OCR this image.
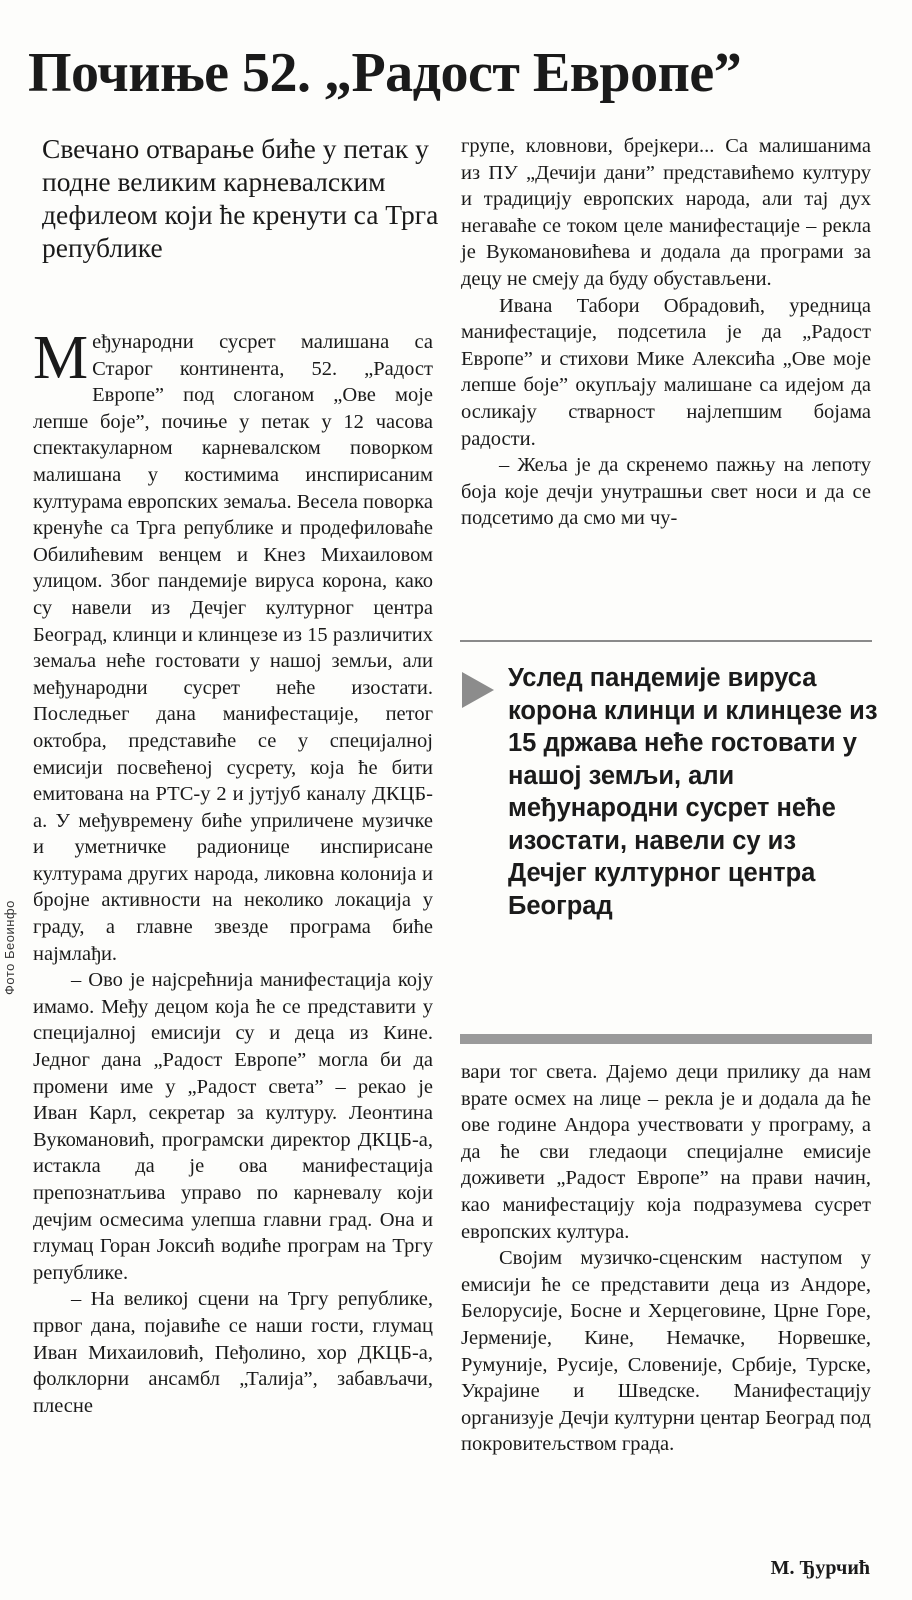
Почиње 52. „Радост Европе”
Свечано отварање биће у петак у подне великим карневалским дефилеом који ће кренути са Трга републике
Фото Беоинфо

Међународни сусрет малишана са Старог континента, 52. „Радост Европе” под слоганом „Ове моје лепше боје”, почиње у петак у 12 часова спектакуларном карневалском поворком малишана у костимима инспирисаним културама европских земаља. Весела поворка кренуће са Трга републике и продефиловаће Обилићевим венцем и Кнез Михаиловом улицом. Због пандемије вируса корона, како су навели из Дечјег културног центра Београд, клинци и клинцезе из 15 различитих земаља неће гостовати у нашој земљи, али међународни сусрет неће изостати. Последњег дана манифестације, петог октобра, представиће се у специјалној емисији посвећеној сусрету, која ће бити емитована на РТС-у 2 и јутјуб каналу ДКЦБ-а. У међувремену биће уприличене музичке и уметничке радионице инспирисане културама других народа, ликовна колонија и бројне активности на неколико локација у граду, а главне звезде програма биће најмлађи.

– Ово је најсрећнија манифестација коју имамо. Међу децом која ће се представити у специјалној емисији су и деца из Кине. Једног дана „Радост Европе” могла би да промени име у „Радост света” – рекао је Иван Карл, секретар за културу. Леонтина Вукомановић, програмски директор ДКЦБ-а, истакла да је ова манифестација препознатљива управо по карневалу који дечјим осмесима улепша главни град. Она и глумац Горан Јоксић водиће програм на Тргу републике.

– На великој сцени на Тргу републике, првог дана, појавиће се наши гости, глумац Иван Михаиловић, Пеђолино, хор ДКЦБ-а, фолклорни ансамбл „Талија”, забављачи, плесне

групе, кловнови, брејкери... Са малишанима из ПУ „Дечији дани” представићемо културу и традицију европских народа, али тај дух негаваће се током целе манифестације – рекла је Вукомановићева и додала да програми за децу не смеју да буду обустављени.

Ивана Табори Обрадовић, уредница манифестације, подсетила је да „Радост Европе” и стихови Мике Алексића „Ове моје лепше боје” окупљају малишане са идејом да осликају стварност најлепшим бојама радости.

– Жеља је да скренемо пажњу на лепоту боја које дечји унутрашњи свет носи и да се подсетимо да смо ми чу-

Услед пандемије вируса корона клинци и клинцезе из 15 држава неће гостовати у нашој земљи, али међународни сусрет неће изостати, навели су из Дечјег културног центра Београд

вари тог света. Дајемо деци прилику да нам врате осмех на лице – рекла је и додала да ће ове године Андора учествовати у програму, а да ће сви гледаоци специјалне емисије доживети „Радост Европе” на прави начин, као манифестацију која подразумева сусрет европских култура.

Својим музичко-сценским наступом у емисији ће се представити деца из Андоре, Белорусије, Босне и Херцеговине, Црне Горе, Јерменије, Кине, Немачке, Норвешке, Румуније, Русије, Словеније, Србије, Турске, Украјине и Шведске. Манифестацију организује Дечји културни центар Београд под покровитељством града.

М. Ђурчић
